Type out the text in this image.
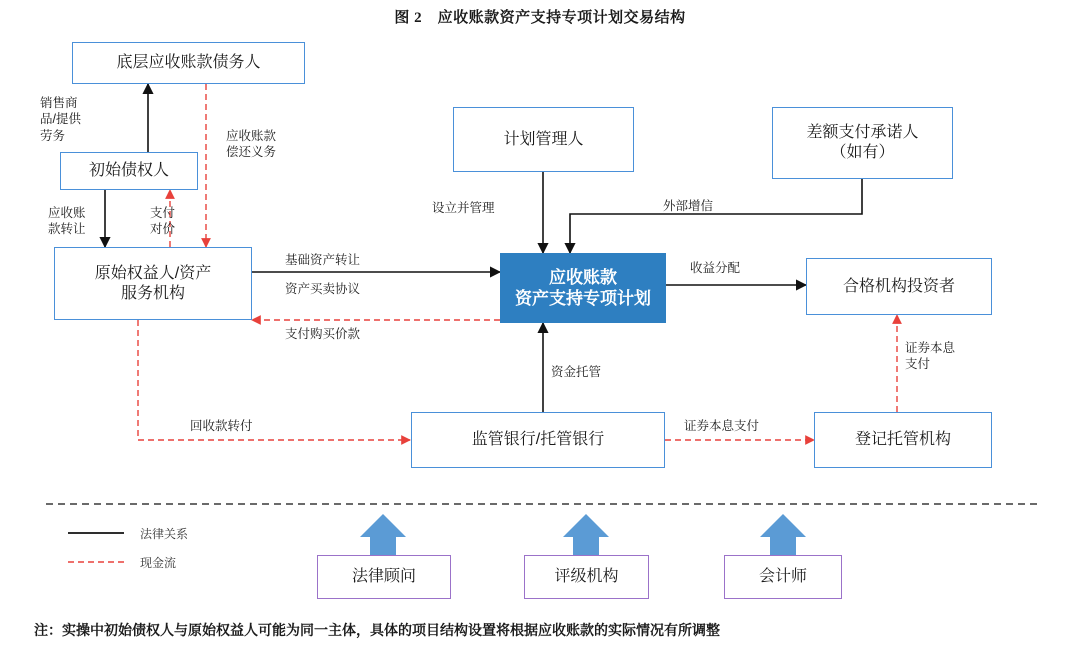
图 2　应收账款资产支持专项计划交易结构
底层应收账款债务人
初始债权人
原始权益人/资产
服务机构
计划管理人	差额支付承诺人
（如有）
应收账款
资产支持专项计划
合格机构投资者
监管银行/托管银行	登记托管机构
法律顾问	评级机构	会计师
销售商
品/提供
劳务	应收账款
偿还义务
应收账
款转让
支付
对价
基础资产转让
资产买卖协议
支付购买价款
设立并管理	外部增信
收益分配
资金托管
回收款转付	证券本息支付
证券本息
支付
法律关系
现金流
注：实操中初始债权人与原始权益人可能为同一主体，具体的项目结构设置将根据应收账款的实际情况有所调整
